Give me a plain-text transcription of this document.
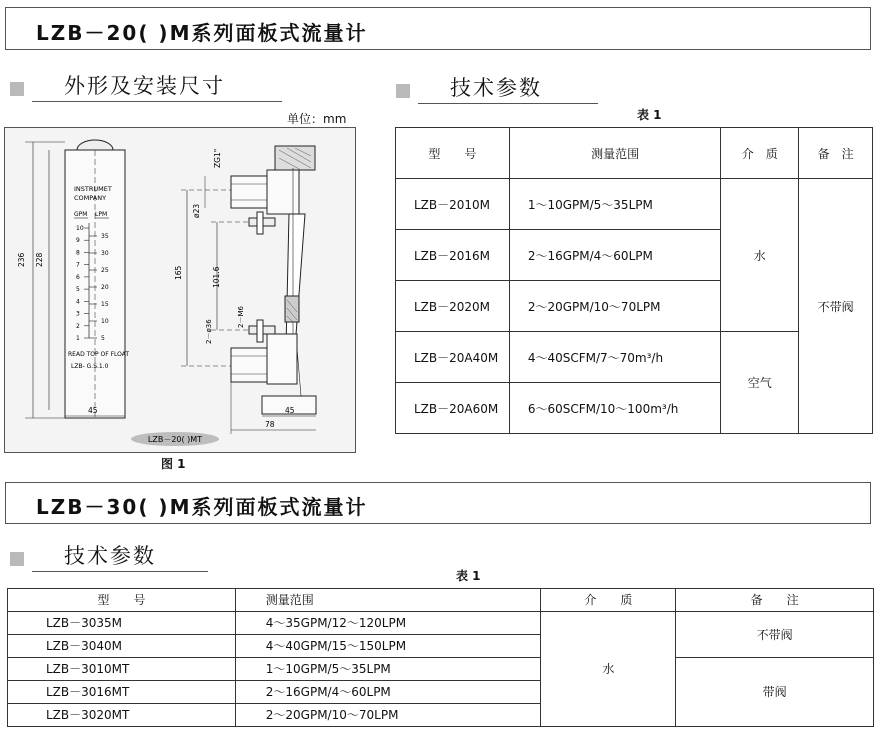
LZB－20( )M系列面板式流量计
外形及安装尺寸
单位：mm
INSTRUMET
COMPANY
GPM LPM
10
9
8
7
6
5
4
3
2
1
35
30
25
20
15
10
5
READ TOP OF FLOAT
LZB- G.S.1.0
236 228
45
ZG1"
ø23
165	101.6
2－M6
2－ø36
45
78
LZB－20( )MT
图 1
技术参数
表 1
型　　号	测量范围	介　质	备　注
LZB－2010M	1～10GPM/5～35LPM	水	不带阀
LZB－2016M	2～16GPM/4～60LPM		
LZB－2020M	2～20GPM/10～70LPM		
LZB－20A40M	4～40SCFM/7～70m³/h	空气	
LZB－20A60M	6～60SCFM/10～100m³/h		
LZB－30( )M系列面板式流量计
技术参数
表 1
型　　号	测量范围	介　　质	备　　注
LZB－3035M	4～35GPM/12～120LPM	水	不带阀
LZB－3040M	4～40GPM/15～150LPM		
LZB－3010MT	1～10GPM/5～35LPM		带阀
LZB－3016MT	2～16GPM/4～60LPM		
LZB－3020MT	2～20GPM/10～70LPM		
